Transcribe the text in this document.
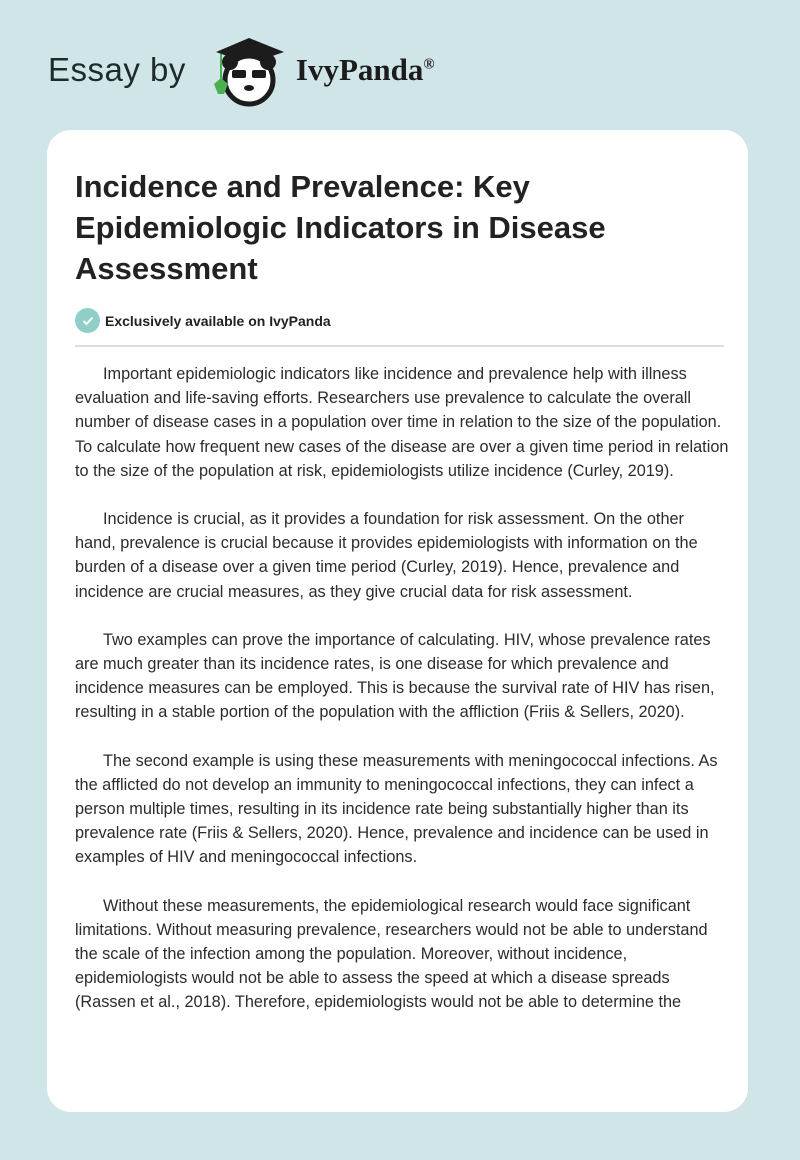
Essay by	IvyPanda®
Incidence and Prevalence: Key Epidemiologic Indicators in Disease Assessment
Exclusively available on IvyPanda

Important epidemiologic indicators like incidence and prevalence help with illness evaluation and life-saving efforts. Researchers use prevalence to calculate the overall number of disease cases in a population over time in relation to the size of the population. To calculate how frequent new cases of the disease are over a given time period in relation to the size of the population at risk, epidemiologists utilize incidence (Curley, 2019).

Incidence is crucial, as it provides a foundation for risk assessment. On the other hand, prevalence is crucial because it provides epidemiologists with information on the burden of a disease over a given time period (Curley, 2019). Hence, prevalence and incidence are crucial measures, as they give crucial data for risk assessment.

Two examples can prove the importance of calculating. HIV, whose prevalence rates are much greater than its incidence rates, is one disease for which prevalence and incidence measures can be employed. This is because the survival rate of HIV has risen, resulting in a stable portion of the population with the affliction (Friis & Sellers, 2020).

The second example is using these measurements with meningococcal infections. As the afflicted do not develop an immunity to meningococcal infections, they can infect a person multiple times, resulting in its incidence rate being substantially higher than its prevalence rate (Friis & Sellers, 2020). Hence, prevalence and incidence can be used in examples of HIV and meningococcal infections.

Without these measurements, the epidemiological research would face significant limitations. Without measuring prevalence, researchers would not be able to understand the scale of the infection among the population. Moreover, without incidence, epidemiologists would not be able to assess the speed at which a disease spreads (Rassen et al., 2018). Therefore, epidemiologists would not be able to determine the
